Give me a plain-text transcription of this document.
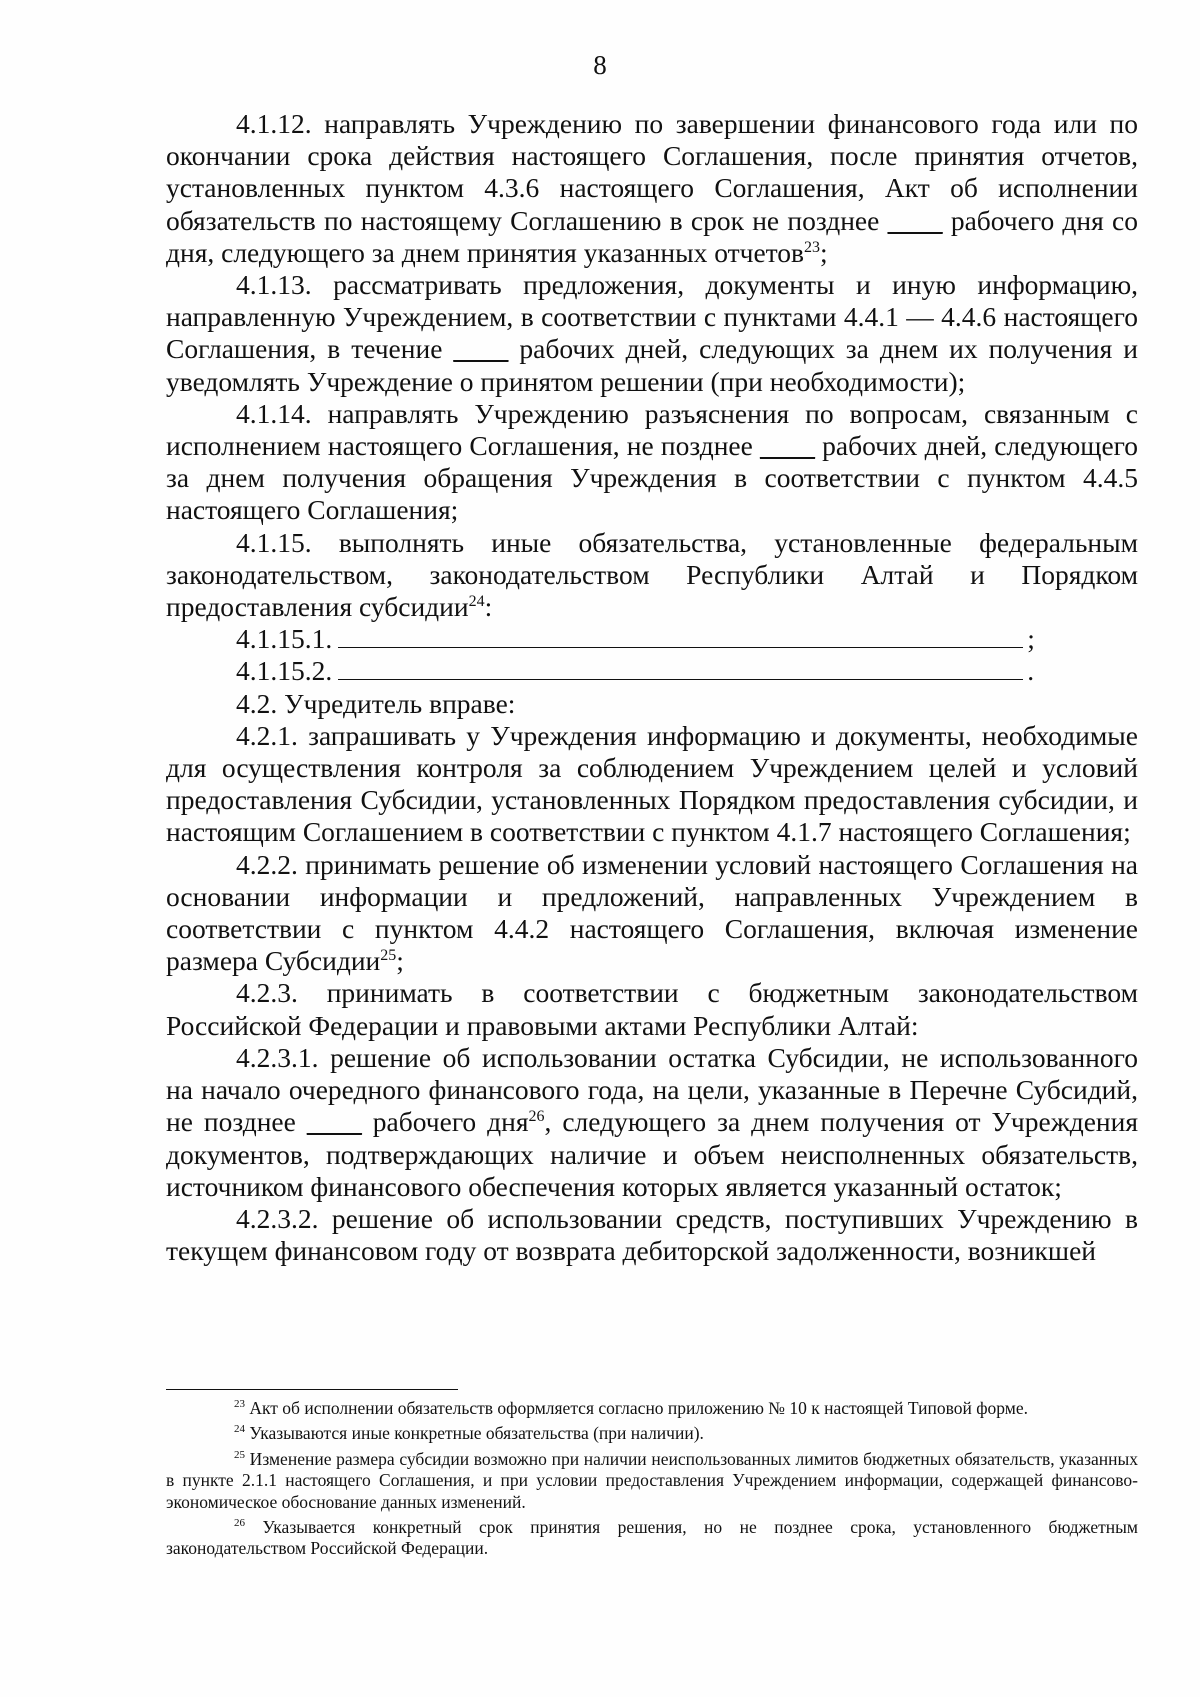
8

4.1.12. направлять Учреждению по завершении финансового года или по окончании срока действия настоящего Соглашения, после принятия отчетов, установленных пунктом 4.3.6 настоящего Соглашения, Акт об исполнении обязательств по настоящему Соглашению в срок не позднее ____ рабочего дня со дня, следующего за днем принятия указанных отчетов$^{23}$;

4.1.13. рассматривать предложения, документы и иную информацию, направленную Учреждением, в соответствии с пунктами 4.4.1 — 4.4.6 настоящего Соглашения, в течение ____ рабочих дней, следующих за днем их получения и уведомлять Учреждение о принятом решении (при необходимости);

4.1.14. направлять Учреждению разъяснения по вопросам, связанным с исполнением настоящего Соглашения, не позднее ____ рабочих дней, следующего за днем получения обращения Учреждения в соответствии с пунктом 4.4.5 настоящего Соглашения;

4.1.15. выполнять иные обязательства, установленные федеральным законодательством, законодательством Республики Алтай и Порядком предоставления субсидии$^{24}$:

4.1.15.1.	;
4.1.15.2.	.

4.2. Учредитель вправе:

4.2.1. запрашивать у Учреждения информацию и документы, необходимые для осуществления контроля за соблюдением Учреждением целей и условий предоставления Субсидии, установленных Порядком предоставления субсидии, и настоящим Соглашением в соответствии с пунктом 4.1.7 настоящего Соглашения;

4.2.2. принимать решение об изменении условий настоящего Соглашения на основании информации и предложений, направленных Учреждением в соответствии с пунктом 4.4.2 настоящего Соглашения, включая изменение размера Субсидии$^{25}$;

4.2.3. принимать в соответствии с бюджетным законодательством Российской Федерации и правовыми актами Республики Алтай:

4.2.3.1. решение об использовании остатка Субсидии, не использованного на начало очередного финансового года, на цели, указанные в Перечне Субсидий, не позднее ____ рабочего дня$^{26}$, следующего за днем получения от Учреждения документов, подтверждающих наличие и объем неисполненных обязательств, источником финансового обеспечения которых является указанный остаток;

4.2.3.2. решение об использовании средств, поступивших Учреждению в текущем финансовом году от возврата дебиторской задолженности, возникшей

$^{23}$ Акт об исполнении обязательств оформляется согласно приложению № 10 к настоящей Типовой форме.

$^{24}$ Указываются иные конкретные обязательства (при наличии).

$^{25}$ Изменение размера субсидии возможно при наличии неиспользованных лимитов бюджетных обязательств, указанных в пункте 2.1.1 настоящего Соглашения, и при условии предоставления Учреждением информации, содержащей финансово-экономическое обоснование данных изменений.

$^{26}$ Указывается конкретный срок принятия решения, но не позднее срока, установленного бюджетным законодательством Российской Федерации.
